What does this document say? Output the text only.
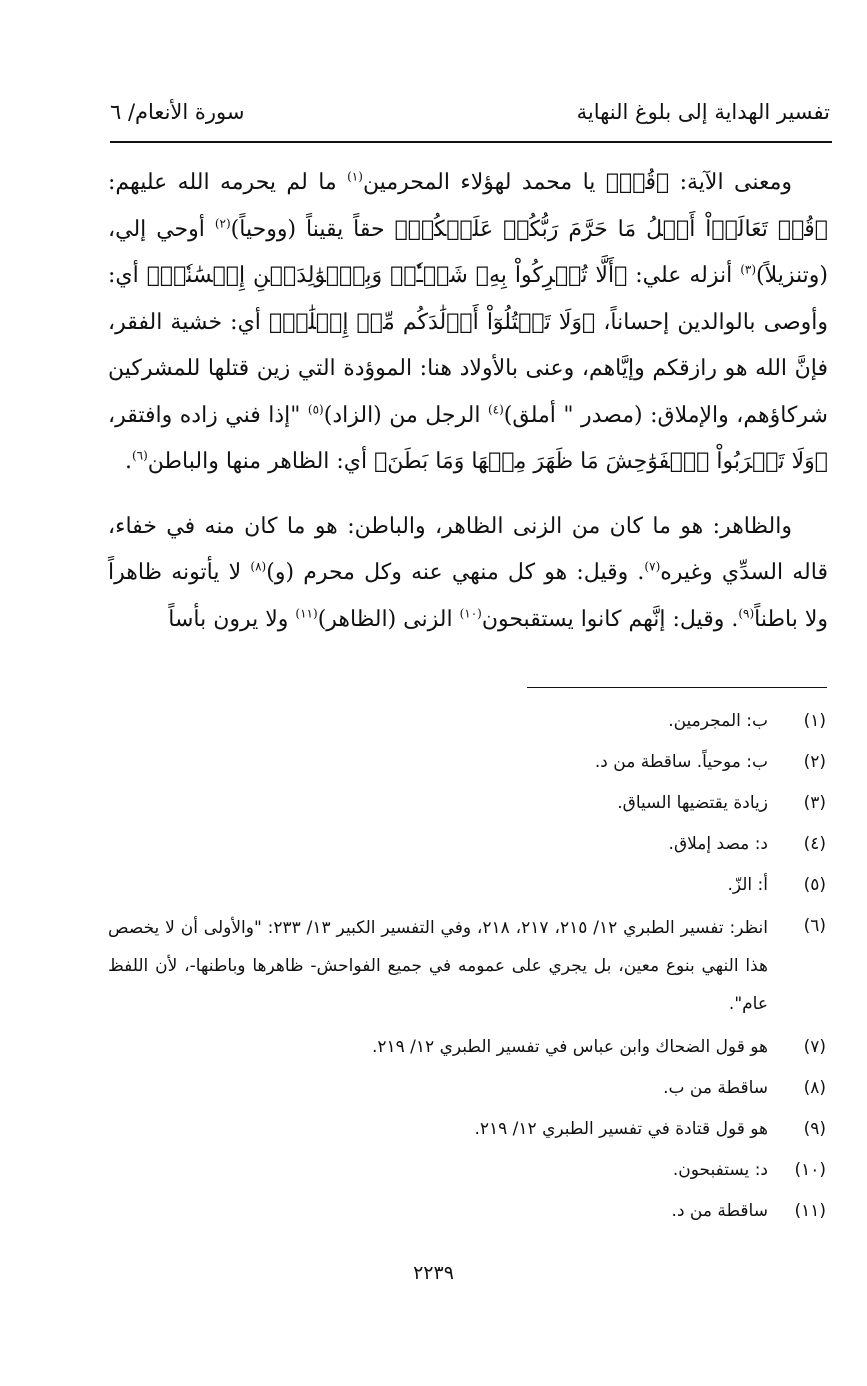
تفسير الهداية إلى بلوغ النهاية
سورة الأنعام/ ٦

ومعنى الآية: ﴿قُلۡ﴾ يا محمد لهؤلاء المحرمين$^{(١)}$ ما لم يحرمه الله عليهم: ﴿قُلۡ تَعَالَوۡاْ أَتۡلُ مَا حَرَّمَ رَبُّكُمۡ عَلَيۡكُمۡ﴾ حقاً يقيناً (ووحياً)$^{(٢)}$ أوحي إلي، (وتنزيلاً)$^{(٣)}$ أنزله علي: ﴿أَلَّا تُشۡرِكُواْ بِهِۦ شَيۡـٔٗاۖ وَبِٱلۡوَٰلِدَيۡنِ إِحۡسَٰنٗاۖ﴾ أي: وأوصى بالوالدين إحساناً، ﴿وَلَا تَقۡتُلُوٓاْ أَوۡلَٰدَكُم مِّنۡ إِمۡلَٰقٖ﴾ أي: خشية الفقر، فإنَّ الله هو رازقكم وإيَّاهم، وعنى بالأولاد هنا: الموؤدة التي زين قتلها للمشركين شركاؤهم، والإملاق: (مصدر " أملق)$^{(٤)}$ الرجل من (الزاد)$^{(٥)}$ "إذا فني زاده وافتقر، ﴿وَلَا تَقۡرَبُواْ ٱلۡفَوَٰحِشَ مَا ظَهَرَ مِنۡهَا وَمَا بَطَنَ﴾ أي: الظاهر منها والباطن$^{(٦)}$.

والظاهر: هو ما كان من الزنى الظاهر، والباطن: هو ما كان منه في خفاء، قاله السدِّي وغيره$^{(٧)}$. وقيل: هو كل منهي عنه وكل محرم (و)$^{(٨)}$ لا يأتونه ظاهراً ولا باطناً$^{(٩)}$. وقيل: إنَّهم كانوا يستقبحون$^{(١٠)}$ الزنى (الظاهر)$^{(١١)}$ ولا يرون بأساً

(١)
ب: المجرمين.
(٢)
ب: موحياً. ساقطة من د.
(٣)
زيادة يقتضيها السياق.
(٤)
د: مصد إملاق.
(٥)
أ: الزّ.
(٦)
انظر: تفسير الطبري ١٢/ ٢١٥، ٢١٧، ٢١٨، وفي التفسير الكبير ١٣/ ٢٣٣: "والأولى أن لا يخصص هذا النهي بنوع معين، بل يجري على عمومه في جميع الفواحش- ظاهرها وباطنها-، لأن اللفظ عام".
(٧)
هو قول الضحاك وابن عباس في تفسير الطبري ١٢/ ٢١٩.
(٨)
ساقطة من ب.
(٩)
هو قول قتادة في تفسير الطبري ١٢/ ٢١٩.
(١٠)
د: يستفبحون.
(١١)
ساقطة من د.
٢٢٣٩
